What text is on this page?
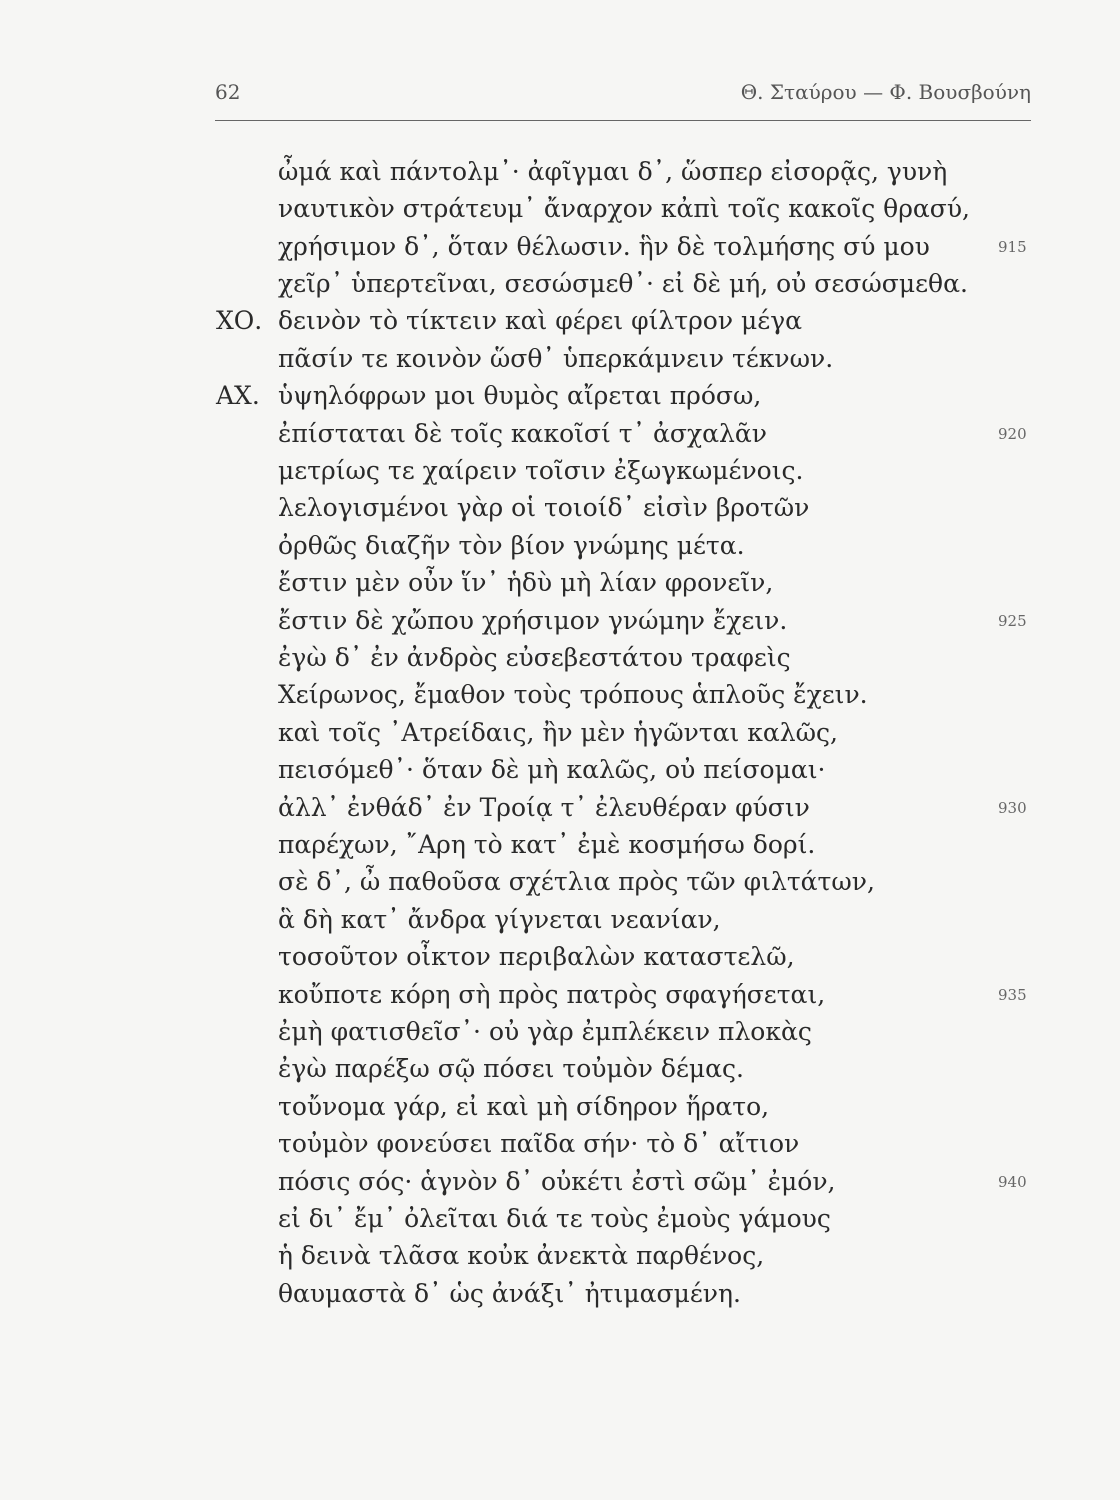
62	Θ. Σταύρου — Φ. Βουσβούνη
ὦμά καὶ πάντολμ᾽· ἀφῖγμαι δ᾽, ὥσπερ εἰσορᾷς, γυνὴ
ναυτικὸν στράτευμ᾽ ἄναρχον κἀπὶ τοῖς κακοῖς θρασύ,
χρήσιμον δ᾽, ὅταν θέλωσιν. ἣν δὲ τολμήσης σύ μου	915
χεῖρ᾽ ὑπερτεῖναι, σεσώσμεθ᾽· εἰ δὲ μή, οὐ σεσώσμεθα.
ΧΟ. δεινὸν τὸ τίκτειν καὶ φέρει φίλτρον μέγα
πᾶσίν τε κοινὸν ὥσθ᾽ ὑπερκάμνειν τέκνων.
ΑΧ. ὑψηλόφρων μοι θυμὸς αἴρεται πρόσω,
ἐπίσταται δὲ τοῖς κακοῖσί τ᾽ ἀσχαλᾶν	920
μετρίως τε χαίρειν τοῖσιν ἐξωγκωμένοις.
λελογισμένοι γὰρ οἱ τοιοίδ᾽ εἰσὶν βροτῶν
ὀρθῶς διαζῆν τὸν βίον γνώμης μέτα.
ἔστιν μὲν οὖν ἵν᾽ ἡδὺ μὴ λίαν φρονεῖν,
ἔστιν δὲ χὤπου χρήσιμον γνώμην ἔχειν.	925
ἐγὼ δ᾽ ἐν ἀνδρὸς εὐσεβεστάτου τραφεὶς
Χείρωνος, ἔμαθον τοὺς τρόπους ἁπλοῦς ἔχειν.
καὶ τοῖς ᾽Ατρείδαις, ἢν μὲν ἡγῶνται καλῶς,
πεισόμεθ᾽· ὅταν δὲ μὴ καλῶς, οὐ πείσομαι·
ἀλλ᾽ ἐνθάδ᾽ ἐν Τροίᾳ τ᾽ ἐλευθέραν φύσιν	930
παρέχων, ῎Αρη τὸ κατ᾽ ἐμὲ κοσμήσω δορί.
σὲ δ᾽, ὦ παθοῦσα σχέτλια πρὸς τῶν φιλτάτων,
ἃ δὴ κατ᾽ ἄνδρα γίγνεται νεανίαν,
τοσοῦτον οἶκτον περιβαλὼν καταστελῶ,
κοὔποτε κόρη σὴ πρὸς πατρὸς σφαγήσεται,	935
ἐμὴ φατισθεῖσ᾽· οὐ γὰρ ἐμπλέκειν πλοκὰς
ἐγὼ παρέξω σῷ πόσει τοὐμὸν δέμας.
τοὔνομα γάρ, εἰ καὶ μὴ σίδηρον ἥρατο,
τοὐμὸν φονεύσει παῖδα σήν· τὸ δ᾽ αἴτιον
πόσις σός· ἁγνὸν δ᾽ οὐκέτι ἐστὶ σῶμ᾽ ἐμόν,	940
εἰ δι᾽ ἔμ᾽ ὀλεῖται διά τε τοὺς ἐμοὺς γάμους
ἡ δεινὰ τλᾶσα κοὐκ ἀνεκτὰ παρθένος,
θαυμαστὰ δ᾽ ὡς ἀνάξι᾽ ἠτιμασμένη.
